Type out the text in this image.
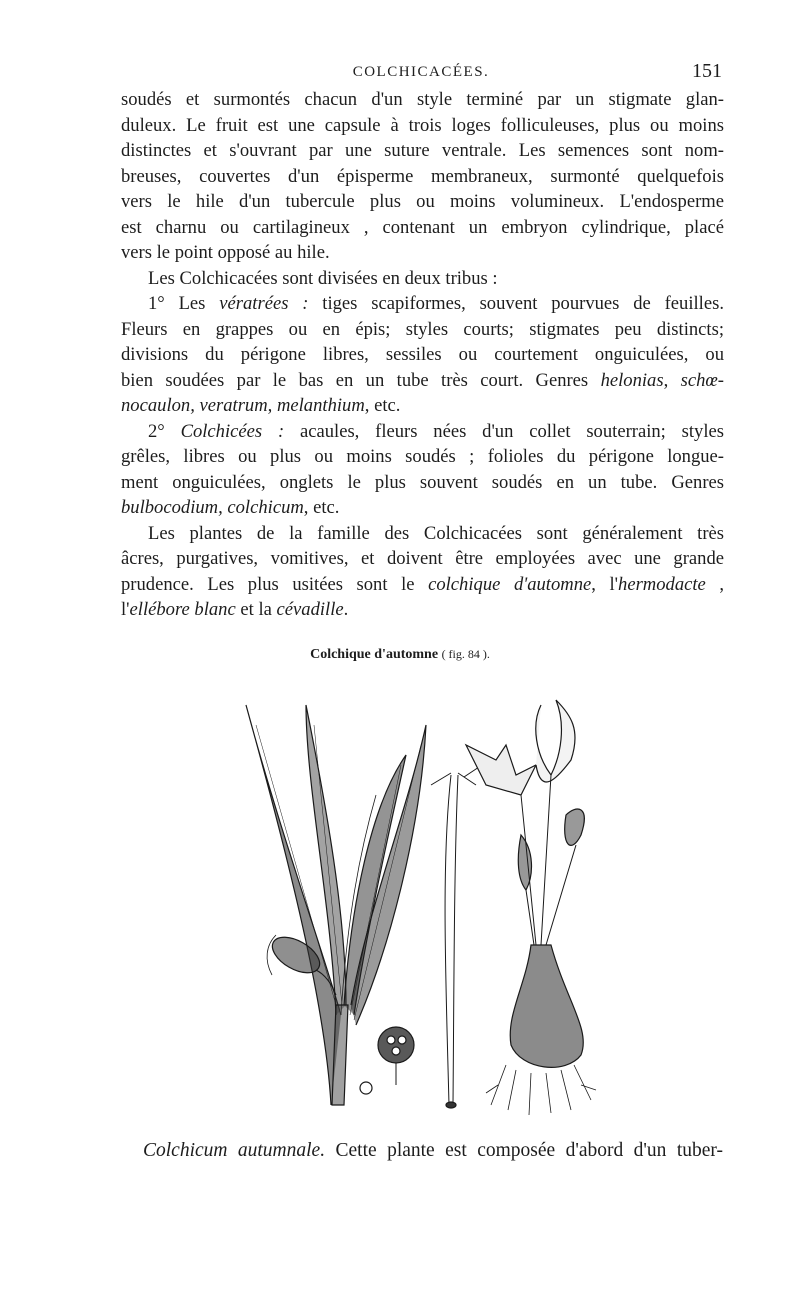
COLCHICACÉES.	151
soudés et surmontés chacun d'un style terminé par un stigmate glan-
duleux. Le fruit est une capsule à trois loges folliculeuses, plus ou moins
distinctes et s'ouvrant par une suture ventrale. Les semences sont nom-
breuses, couvertes d'un épisperme membraneux, surmonté quelquefois
vers le hile d'un tubercule plus ou moins volumineux. L'endosperme
est charnu ou cartilagineux , contenant un embryon cylindrique, placé
vers le point opposé au hile.
Les Colchicacées sont divisées en deux tribus :
1° Les vératrées : tiges scapiformes, souvent pourvues de feuilles.
Fleurs en grappes ou en épis; styles courts; stigmates peu distincts;
divisions du périgone libres, sessiles ou courtement onguiculées, ou
bien soudées par le bas en un tube très court. Genres helonias, schœ-
nocaulon, veratrum, melanthium, etc.
2° Colchicées : acaules, fleurs nées d'un collet souterrain; styles
grêles, libres ou plus ou moins soudés ; folioles du périgone longue-
ment onguiculées, onglets le plus souvent soudés en un tube. Genres
bulbocodium, colchicum, etc.
Les plantes de la famille des Colchicacées sont généralement très
âcres, purgatives, vomitives, et doivent être employées avec une grande
prudence. Les plus usitées sont le colchique d'automne, l'hermodacte ,
l'ellébore blanc et la cévadille.
Colchique d'automne ( fig. 84 ).
Colchicum autumnale. Cette plante est composée d'abord d'un tuber-
